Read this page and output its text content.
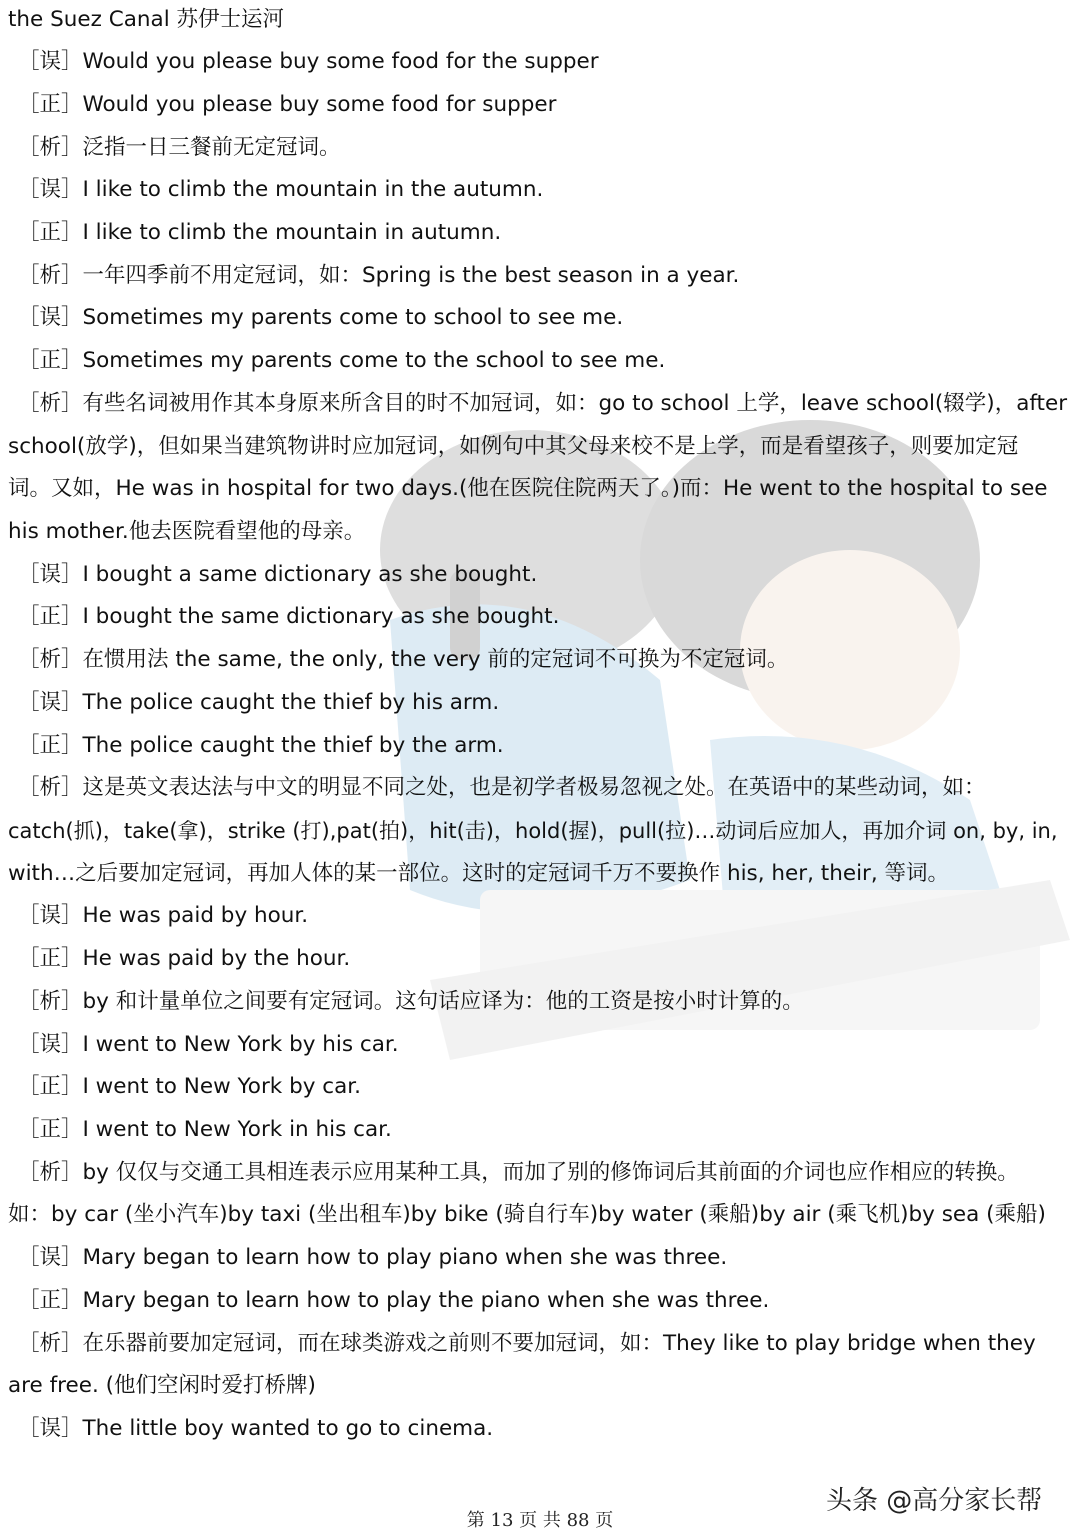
the Suez Canal 苏伊士运河
［误］Would you please buy some food for the supper
［正］Would you please buy some food for supper
［析］泛指一日三餐前无定冠词。
［误］I like to climb the mountain in the autumn.
［正］I like to climb the mountain in autumn.
［析］一年四季前不用定冠词，如：Spring is the best season in a year.
［误］Sometimes my parents come to school to see me.
［正］Sometimes my parents come to the school to see me.
［析］有些名词被用作其本身原来所含目的时不加冠词，如：go to school 上学，leave school(辍学)，after
school(放学)，但如果当建筑物讲时应加冠词，如例句中其父母来校不是上学，而是看望孩子，则要加定冠
词。又如，He was in hospital for two days.(他在医院住院两天了。)而：He went to the hospital to see
his mother.他去医院看望他的母亲。
［误］I bought a same dictionary as she bought.
［正］I bought the same dictionary as she bought.
［析］在惯用法 the same, the only, the very 前的定冠词不可换为不定冠词。
［误］The police caught the thief by his arm.
［正］The police caught the thief by the arm.
［析］这是英文表达法与中文的明显不同之处，也是初学者极易忽视之处。在英语中的某些动词，如：
catch(抓)，take(拿)，strike (打),pat(拍)，hit(击)，hold(握)，pull(拉)…动词后应加人，再加介词 on, by, in,
with…之后要加定冠词，再加人体的某一部位。这时的定冠词千万不要换作 his, her, their, 等词。
［误］He was paid by hour.
［正］He was paid by the hour.
［析］by 和计量单位之间要有定冠词。这句话应译为：他的工资是按小时计算的。
［误］I went to New York by his car.
［正］I went to New York by car.
［正］I went to New York in his car.
［析］by 仅仅与交通工具相连表示应用某种工具，而加了别的修饰词后其前面的介词也应作相应的转换。
如：by car (坐小汽车)by taxi (坐出租车)by bike (骑自行车)by water (乘船)by air (乘飞机)by sea (乘船)
［误］Mary began to learn how to play piano when she was three.
［正］Mary began to learn how to play the piano when she was three.
［析］在乐器前要加定冠词，而在球类游戏之前则不要加冠词，如：They like to play bridge when they
are free. (他们空闲时爱打桥牌)
［误］The little boy wanted to go to cinema.
头条 @高分家长帮
第 13 页 共 88 页
